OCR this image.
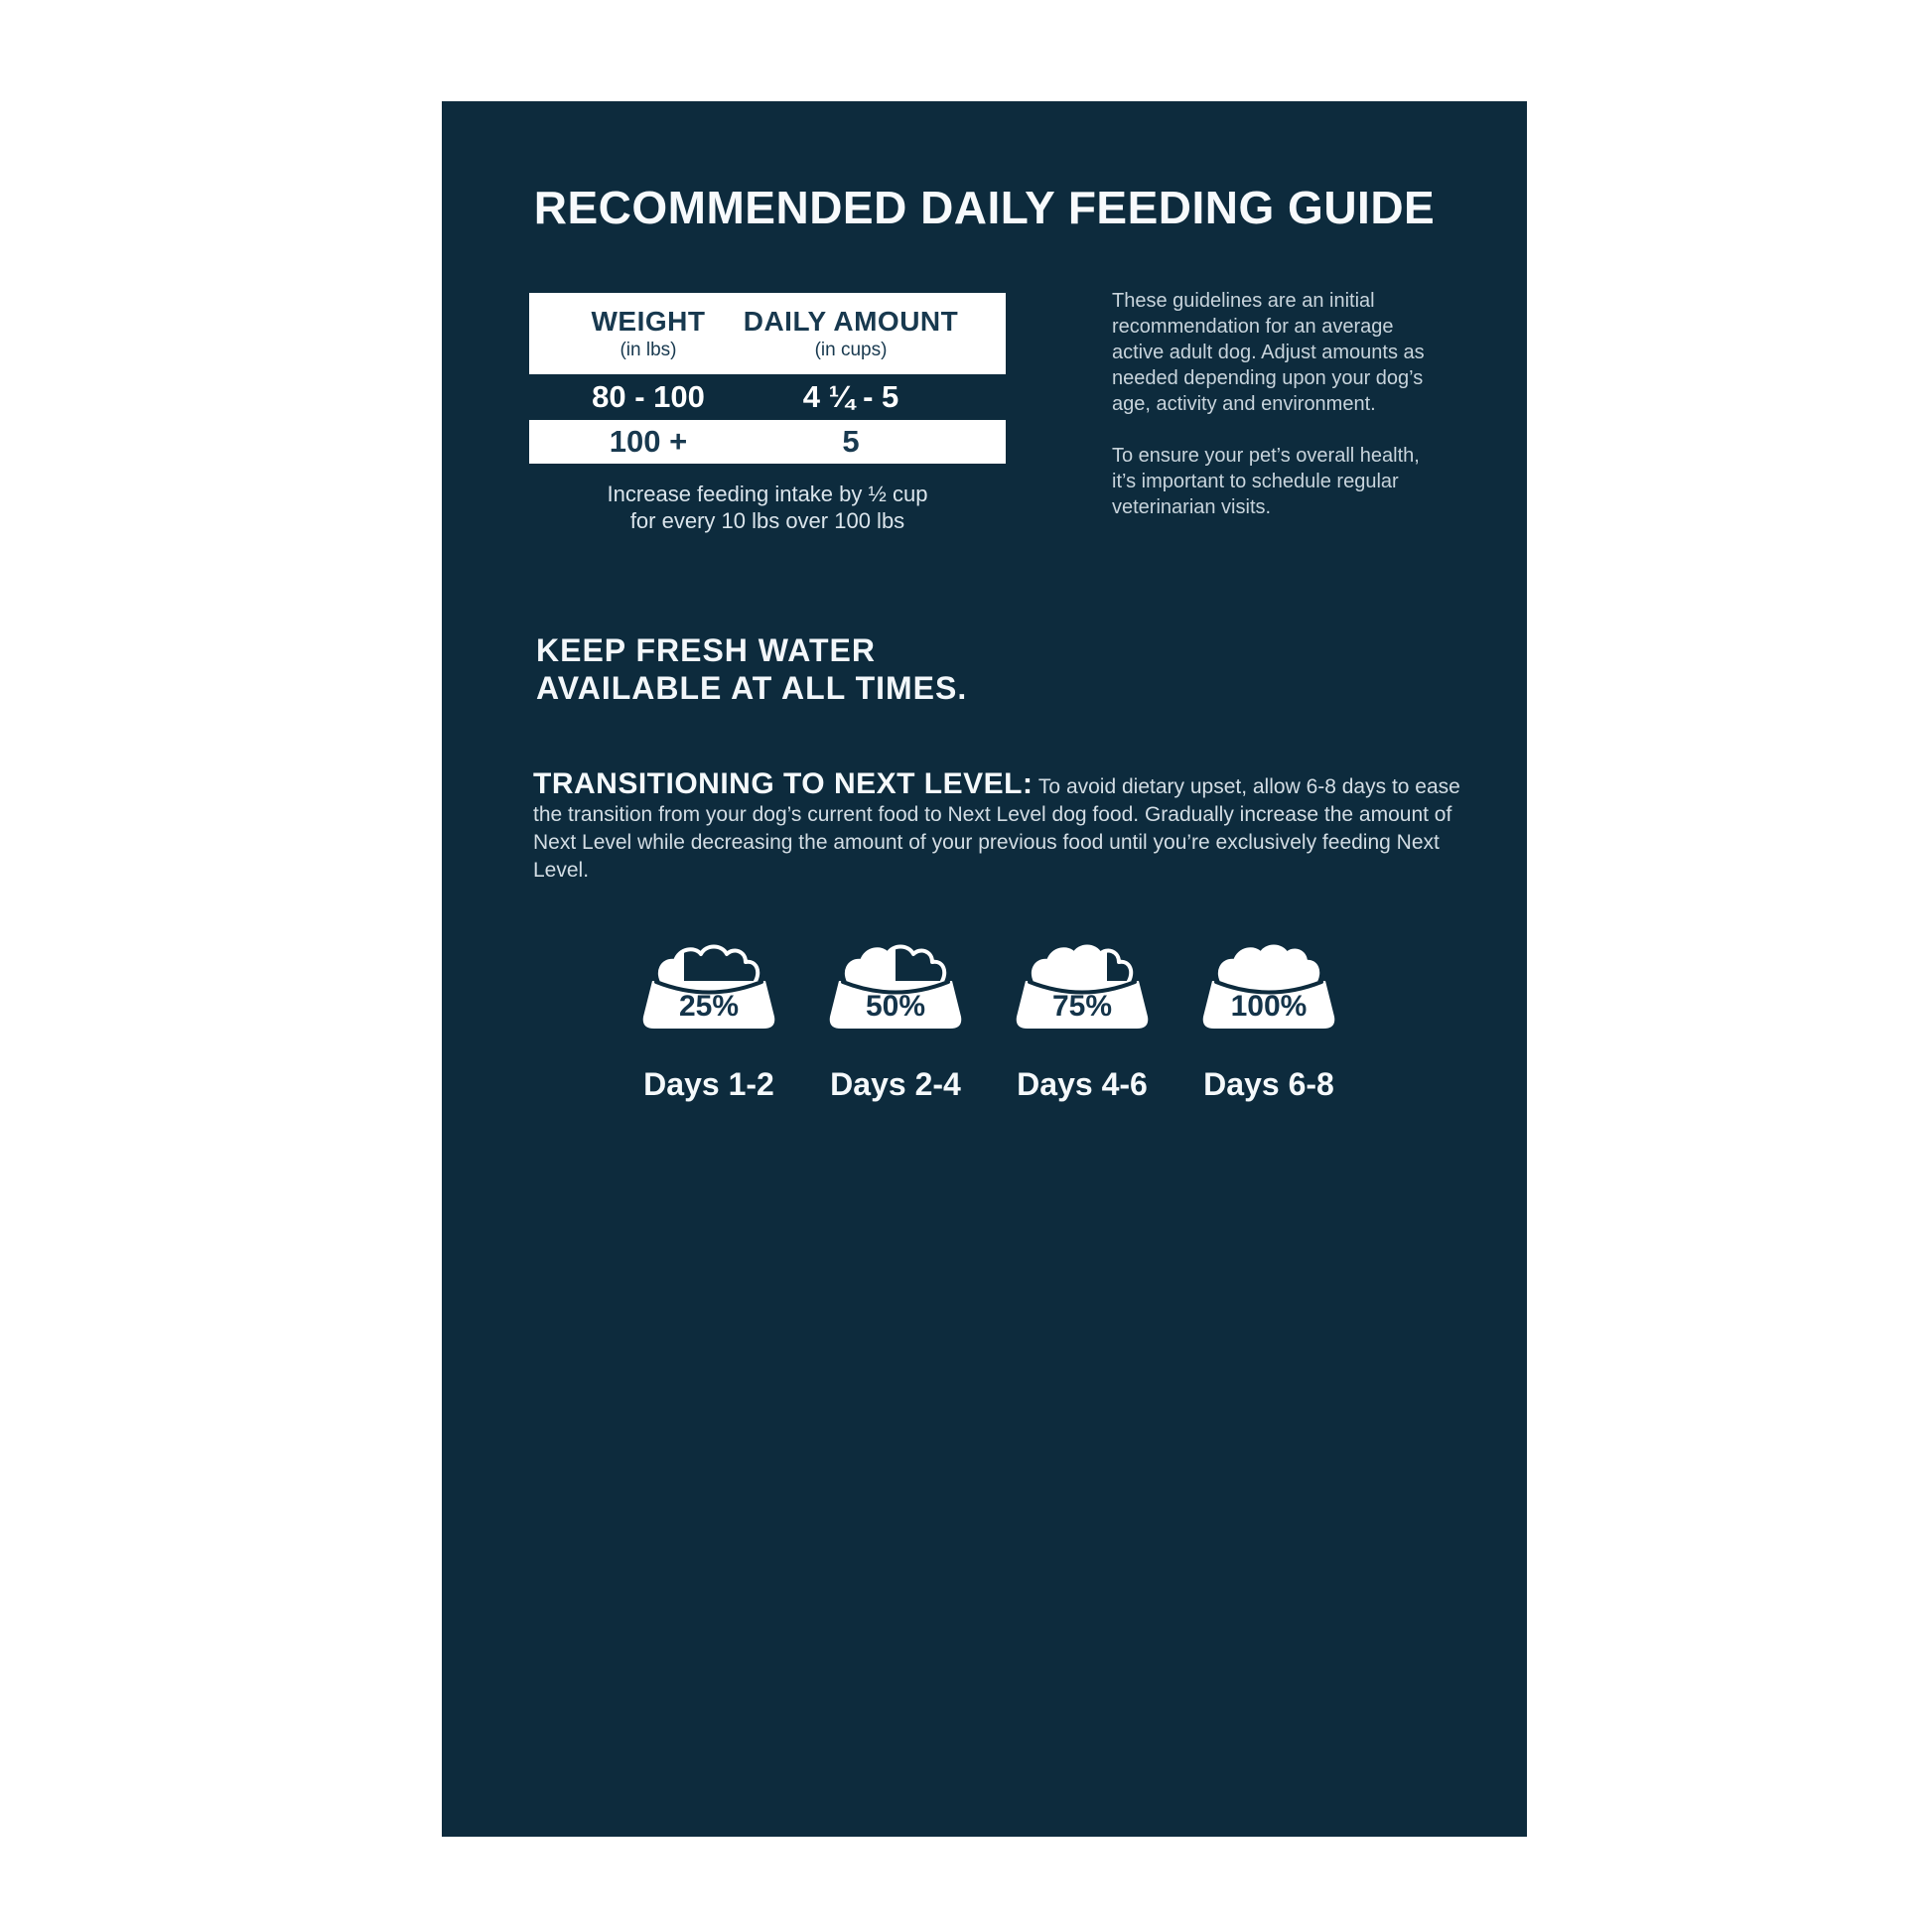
RECOMMENDED DAILY FEEDING GUIDE
WEIGHT
(in lbs)
DAILY AMOUNT
(in cups)
80 - 100	4 ¼ - 5
100 +	5
Increase feeding intake by ½ cup
for every 10 lbs over 100 lbs

These guidelines are an initial recommendation for an average active adult dog. Adjust amounts as needed depending upon your dog’s age, activity and environment.

To ensure your pet’s overall health, it’s important to schedule regular veterinarian visits.

KEEP FRESH WATER
AVAILABLE AT ALL TIMES.
TRANSITIONING TO NEXT LEVEL: To avoid dietary upset, allow 6-8 days to ease the transition from your dog’s current food to Next Level dog food. Gradually increase the amount of Next Level while decreasing the amount of your previous food until you’re exclusively feeding Next Level.
25%
Days 1-2
50%
Days 2-4
75%
Days 4-6
100%
Days 6-8
